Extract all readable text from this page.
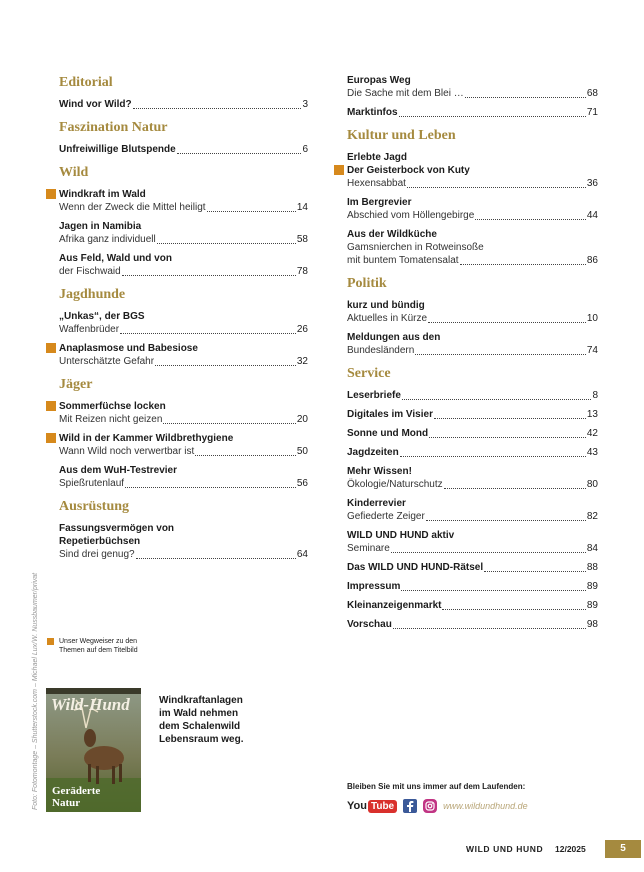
Editorial
Wind vor Wild?	3
Faszination Natur
Unfreiwillige Blutspende	6
Wild
Windkraft im Wald
Wenn der Zweck die Mittel heiligt	14
Jagen in Namibia
Afrika ganz individuell	58
Aus Feld, Wald und von
der Fischwaid	78
Jagdhunde
„Unkas“, der BGS
Waffenbrüder	26
Anaplasmose und Babesiose
Unterschätzte Gefahr	32
Jäger
Sommerfüchse locken
Mit Reizen nicht geizen	20
Wild in der Kammer Wildbrethygiene
Wann Wild noch verwertbar ist	50
Aus dem WuH-Testrevier
Spießrutenlauf	56
Ausrüstung
Fassungsvermögen von
Repetierbüchsen
Sind drei genug?	64
Europas Weg
Die Sache mit dem Blei …	68
Marktinfos	71
Kultur und Leben
Erlebte Jagd
Der Geisterbock von Kuty
Hexensabbat	36
Im Bergrevier
Abschied vom Höllengebirge	44
Aus der Wildküche
Gamsnierchen in Rotweinsoße
mit buntem Tomatensalat	86
Politik
kurz und bündig
Aktuelles in Kürze	10
Meldungen aus den
Bundesländern	74
Service
Leserbriefe	8
Digitales im Visier	13
Sonne und Mond	42
Jagdzeiten	43
Mehr Wissen!
Ökologie/Naturschutz	80
Kinderrevier
Gefiederte Zeiger	82
WILD UND HUND aktiv
Seminare	84
Das WILD UND HUND-Rätsel	88
Impressum	89
Kleinanzeigenmarkt	89
Vorschau	98
Unser Wegweiser zu den
Themen auf dem Titelbild
Foto: Fotomontage – Shutterstock.com – Michael Lux/W. Nussbaumer/privat Wild-Hund
Geräderte
Natur
Windkraftanlagen
im Wald nehmen
dem Schalenwild
Lebensraum weg.
Bleiben Sie mit uns immer auf dem Laufenden:
You Tube	www.wildundhund.de
WILD UND HUND 12/2025	5
